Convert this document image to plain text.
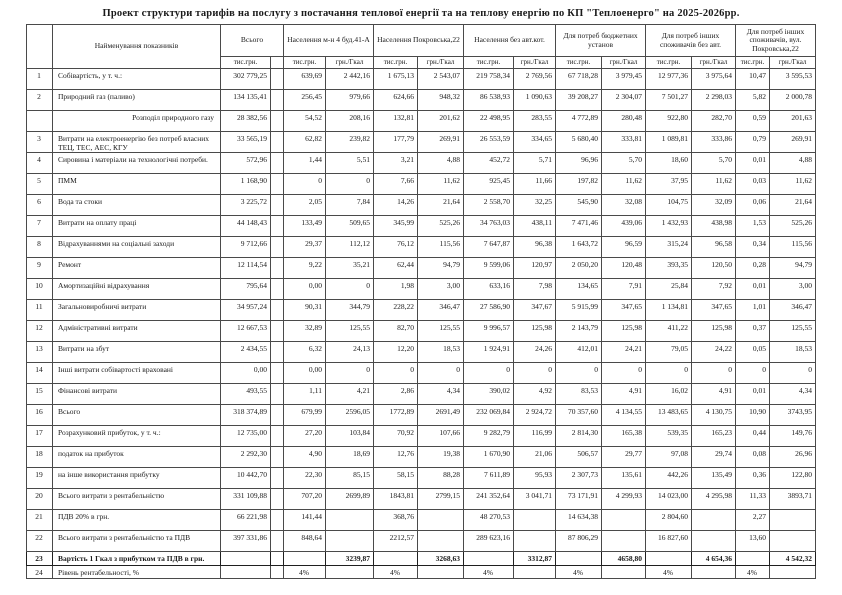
Проект структури тарифів на послугу з постачання теплової енергії та на теплову енергію по КП "Теплоенерго" на 2025-2026рр.
	Найменування показників	Всього		Населення м-н 4 буд.41-А		Населення Покровська,22		Населення без авт.кот.		Для потреб бюджетних установ		Для потреб інших споживачів без авт.		Для потреб інших споживачів, вул. Покровська,22	
		тис.грн.		тис.грн.	грн./Гкал	тис.грн.	грн./Гкал	тис.грн.	грн./Гкал	тис.грн.	грн./Гкал	тис.грн.	грн./Гкал	тис.грн.	грн./Гкал
1	Собівартість, у т. ч.:	302 779,25		639,69	2 442,16	1 675,13	2 543,07	219 758,34	2 769,56	67 718,28	3 979,45	12 977,36	3 975,64	10,47	3 595,53
2	Природний газ (паливо)	134 135,41		256,45	979,66	624,66	948,32	86 538,93	1 090,63	39 208,27	2 304,07	7 501,27	2 298,03	5,82	2 000,78
	Розподіл природного газу	28 382,56		54,52	208,16	132,81	201,62	22 498,95	283,55	4 772,89	280,48	922,80	282,70	0,59	201,63
3	Витрати на електроенергію без потреб власних ТЕЦ, ТЕС, АЕС, КГУ	33 565,19		62,82	239,82	177,79	269,91	26 553,59	334,65	5 680,40	333,81	1 089,81	333,86	0,79	269,91
4	Сировина і матеріали на технологічні потреби.	572,96		1,44	5,51	3,21	4,88	452,72	5,71	96,96	5,70	18,60	5,70	0,01	4,88
5	ПММ	1 168,90		0	0	7,66	11,62	925,45	11,66	197,82	11,62	37,95	11,62	0,03	11,62
6	Вода та стоки	3 225,72		2,05	7,84	14,26	21,64	2 558,70	32,25	545,90	32,08	104,75	32,09	0,06	21,64
7	Витрати на оплату праці	44 148,43		133,49	509,65	345,99	525,26	34 763,03	438,11	7 471,46	439,06	1 432,93	438,98	1,53	525,26
8	Відрахуваннями на соціальні заходи	9 712,66		29,37	112,12	76,12	115,56	7 647,87	96,38	1 643,72	96,59	315,24	96,58	0,34	115,56
9	Ремонт	12 114,54		9,22	35,21	62,44	94,79	9 599,06	120,97	2 050,20	120,48	393,35	120,50	0,28	94,79
10	Амортизаційні відрахування	795,64		0,00	0	1,98	3,00	633,16	7,98	134,65	7,91	25,84	7,92	0,01	3,00
11	Загальновиробничі витрати	34 957,24		90,31	344,79	228,22	346,47	27 586,90	347,67	5 915,99	347,65	1 134,81	347,65	1,01	346,47
12	Адміністративні витрати	12 667,53		32,89	125,55	82,70	125,55	9 996,57	125,98	2 143,79	125,98	411,22	125,98	0,37	125,55
13	Витрати на збут	2 434,55		6,32	24,13	12,20	18,53	1 924,91	24,26	412,01	24,21	79,05	24,22	0,05	18,53
14	Інші витрати собівартості враховані	0,00		0,00	0	0	0	0	0	0	0	0	0	0	0
15	Фінансові витрати	493,55		1,11	4,21	2,86	4,34	390,02	4,92	83,53	4,91	16,02	4,91	0,01	4,34
16	Всього	318 374,89		679,99	2596,05	1772,89	2691,49	232 069,84	2 924,72	70 357,60	4 134,55	13 483,65	4 130,75	10,90	3743,95
17	Розрахунковий прибуток, у т. ч.:	12 735,00		27,20	103,84	70,92	107,66	9 282,79	116,99	2 814,30	165,38	539,35	165,23	0,44	149,76
18	податок на прибуток	2 292,30		4,90	18,69	12,76	19,38	1 670,90	21,06	506,57	29,77	97,08	29,74	0,08	26,96
19	на інше використання прибутку	10 442,70		22,30	85,15	58,15	88,28	7 611,89	95,93	2 307,73	135,61	442,26	135,49	0,36	122,80
20	Всього витрати з рентабельністю	331 109,88		707,20	2699,89	1843,81	2799,15	241 352,64	3 041,71	73 171,91	4 299,93	14 023,00	4 295,98	11,33	3893,71
21	ПДВ 20% в грн.	66 221,98		141,44		368,76		48 270,53		14 634,38		2 804,60		2,27	
22	Всього витрати з рентабельністю та ПДВ	397 331,86		848,64		2212,57		289 623,16		87 806,29		16 827,60		13,60	
23	Вартість 1 Гкал з прибутком та ПДВ в грн.				3239,87		3268,63		3312,87		4658,80		4 654,36		4 542,32
24	Рівень рентабельності, %			4%		4%		4%		4%		4%		4%	
